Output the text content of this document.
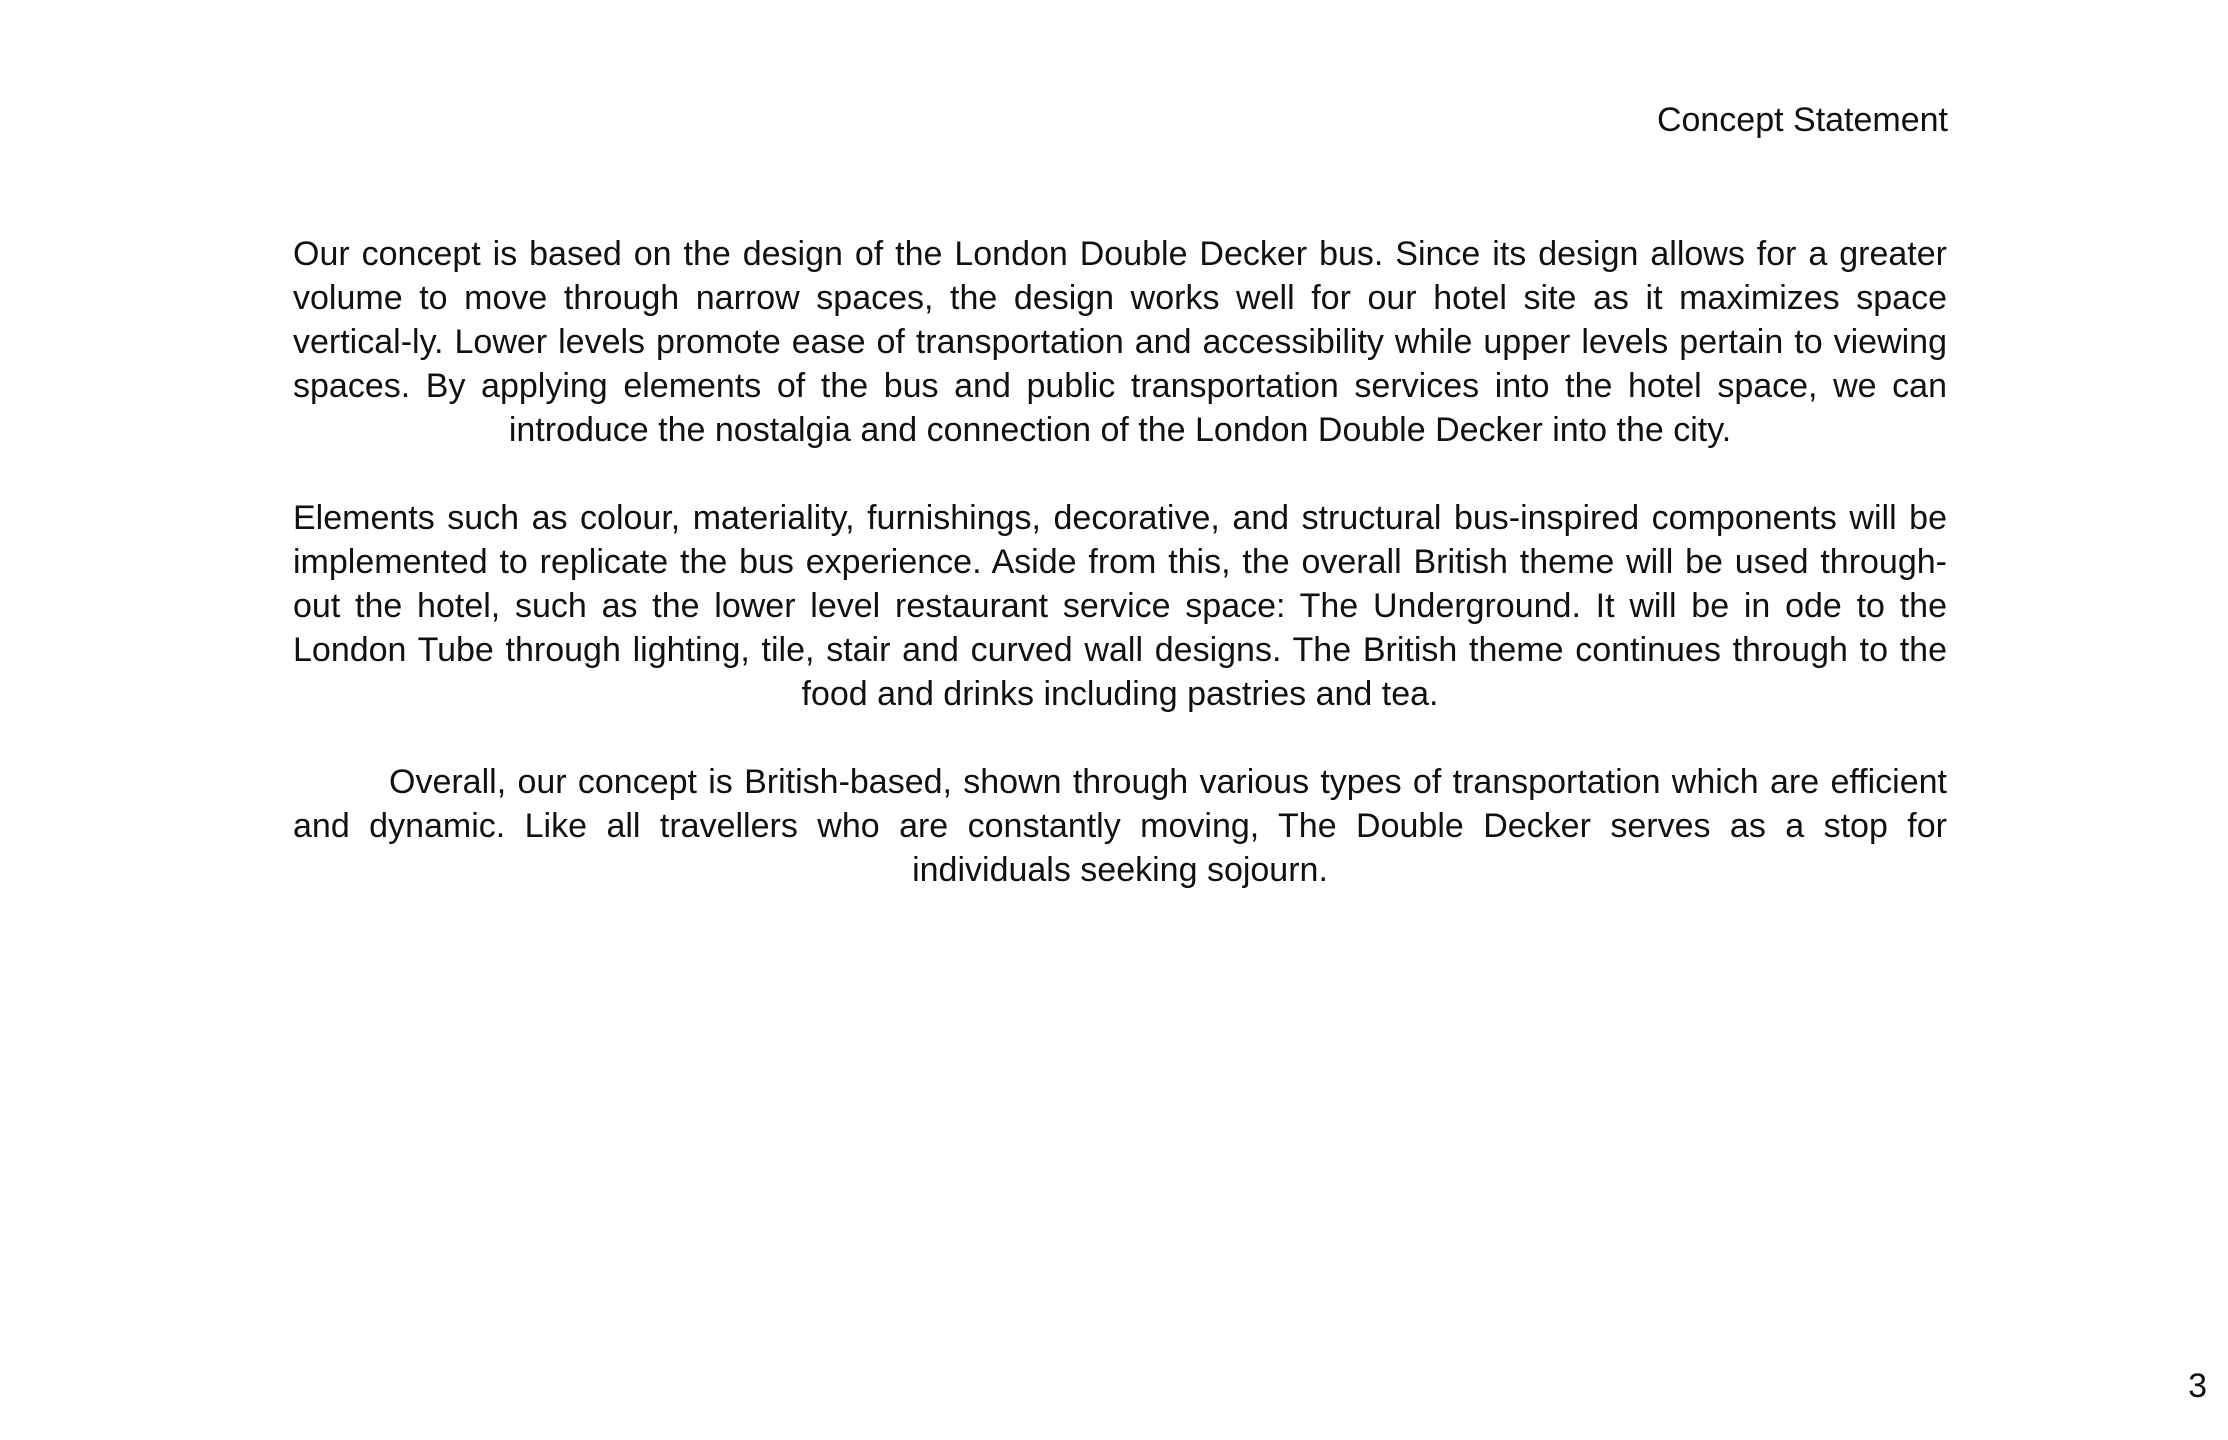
Concept Statement

Our concept is based on the design of the London Double Decker bus. Since its design allows for a greater volume to move through narrow spaces, the design works well for our hotel site as it maximizes space vertical-ly. Lower levels promote ease of transportation and accessibility while upper levels pertain to viewing spaces. By applying elements of the bus and public transportation services into the hotel space, we can introduce the nostalgia and connection of the London Double Decker into the city.

Elements such as colour, materiality, furnishings, decorative, and structural bus-inspired components will be implemented to replicate the bus experience. Aside from this, the overall British theme will be used through-out the hotel, such as the lower level restaurant service space: The Underground. It will be in ode to the London Tube through lighting, tile, stair and curved wall designs. The British theme continues through to the food and drinks including pastries and tea.

Overall, our concept is British-based, shown through various types of transportation which are efficient and dynamic. Like all travellers who are constantly moving, The Double Decker serves as a stop for individuals seeking sojourn.

3
